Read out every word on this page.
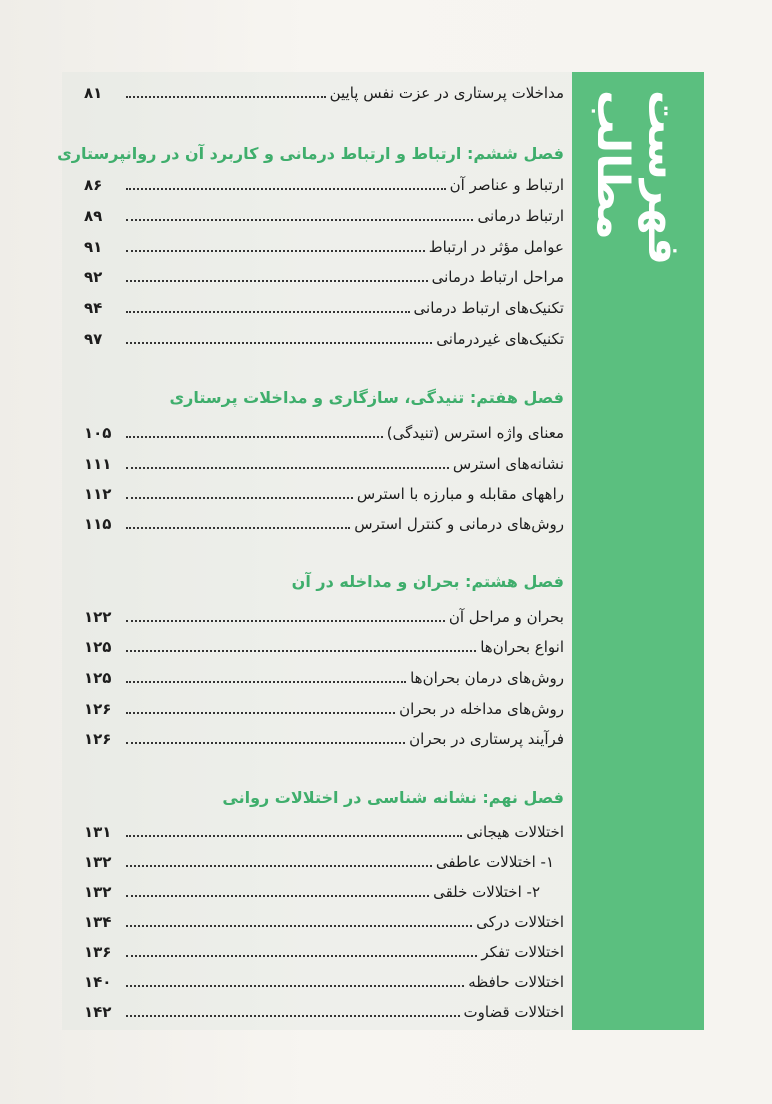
فهرست مطالب
مداخلات پرستاری در عزت نفس پایین
۸۱
فصل ششم: ارتباط و ارتباط درمانی و کاربرد آن در روانپرستاری
ارتباط و عناصر آن
۸۶
ارتباط درمانی
۸۹
عوامل مؤثر در ارتباط
۹۱
مراحل ارتباط درمانی
۹۲
تکنیک‌های ارتباط درمانی
۹۴
تکنیک‌های غیردرمانی
۹۷
فصل هفتم: تنیدگی، سازگاری و مداخلات پرستاری
معنای واژه استرس (تنیدگی)
۱۰۵
نشانه‌های استرس
۱۱۱
راههای مقابله و مبارزه با استرس
۱۱۲
روش‌های درمانی و کنترل استرس
۱۱۵
فصل هشتم: بحران و مداخله در آن
بحران و مراحل آن
۱۲۲
انواع بحران‌ها
۱۲۵
روش‌های درمان بحران‌ها
۱۲۵
روش‌های مداخله در بحران
۱۲۶
فرآیند پرستاری در بحران
۱۲۶
فصل نهم: نشانه شناسی در اختلالات روانی
اختلالات هیجانی
۱۳۱
۱- اختلالات عاطفی
۱۳۲
۲- اختلالات خلقی
۱۳۲
اختلالات درکی
۱۳۴
اختلالات تفکر
۱۳۶
اختلالات حافظه
۱۴۰
اختلالات قضاوت
۱۴۲
